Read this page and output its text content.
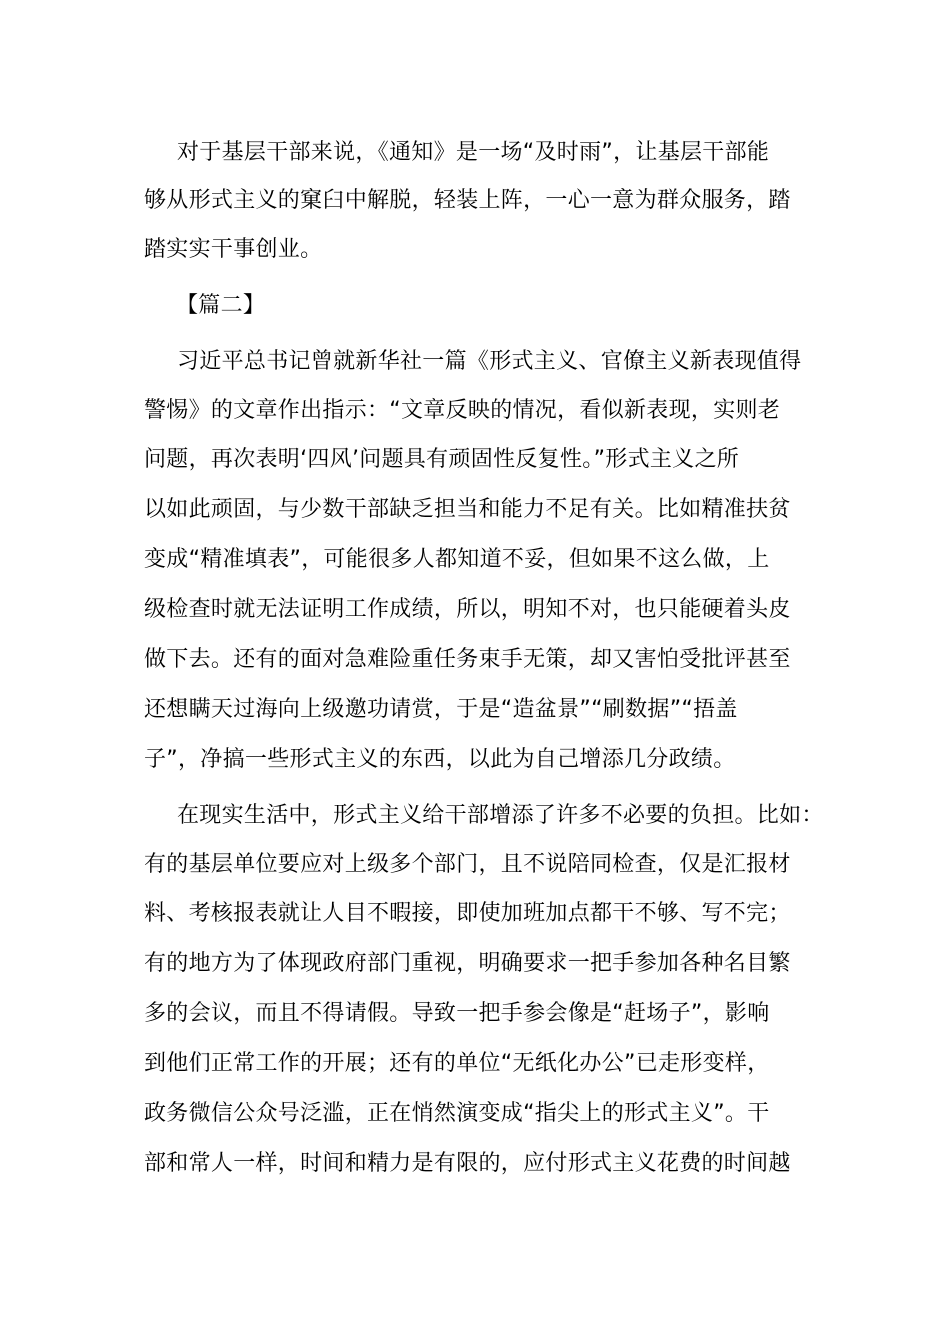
对于基层干部来说，《通知》是一场“及时雨”，让基层干部能
够从形式主义的窠臼中解脱，轻装上阵，一心一意为群众服务，踏
踏实实干事创业。
【篇二】
习近平总书记曾就新华社一篇《形式主义、官僚主义新表现值得
警惕》的文章作出指示：“文章反映的情况，看似新表现，实则老
问题，再次表明‘四风’问题具有顽固性反复性。”形式主义之所
以如此顽固，与少数干部缺乏担当和能力不足有关。比如精准扶贫
变成“精准填表”，可能很多人都知道不妥，但如果不这么做，上
级检查时就无法证明工作成绩，所以，明知不对，也只能硬着头皮
做下去。还有的面对急难险重任务束手无策，却又害怕受批评甚至
还想瞒天过海向上级邀功请赏，于是“造盆景”“刷数据”“捂盖
子”，净搞一些形式主义的东西，以此为自己增添几分政绩。
在现实生活中，形式主义给干部增添了许多不必要的负担。比如：
有的基层单位要应对上级多个部门，且不说陪同检查，仅是汇报材
料、考核报表就让人目不暇接，即使加班加点都干不够、写不完；
有的地方为了体现政府部门重视，明确要求一把手参加各种名目繁
多的会议，而且不得请假。导致一把手参会像是“赶场子”，影响
到他们正常工作的开展；还有的单位“无纸化办公”已走形变样，
政务微信公众号泛滥，正在悄然演变成“指尖上的形式主义”。干
部和常人一样，时间和精力是有限的，应付形式主义花费的时间越
